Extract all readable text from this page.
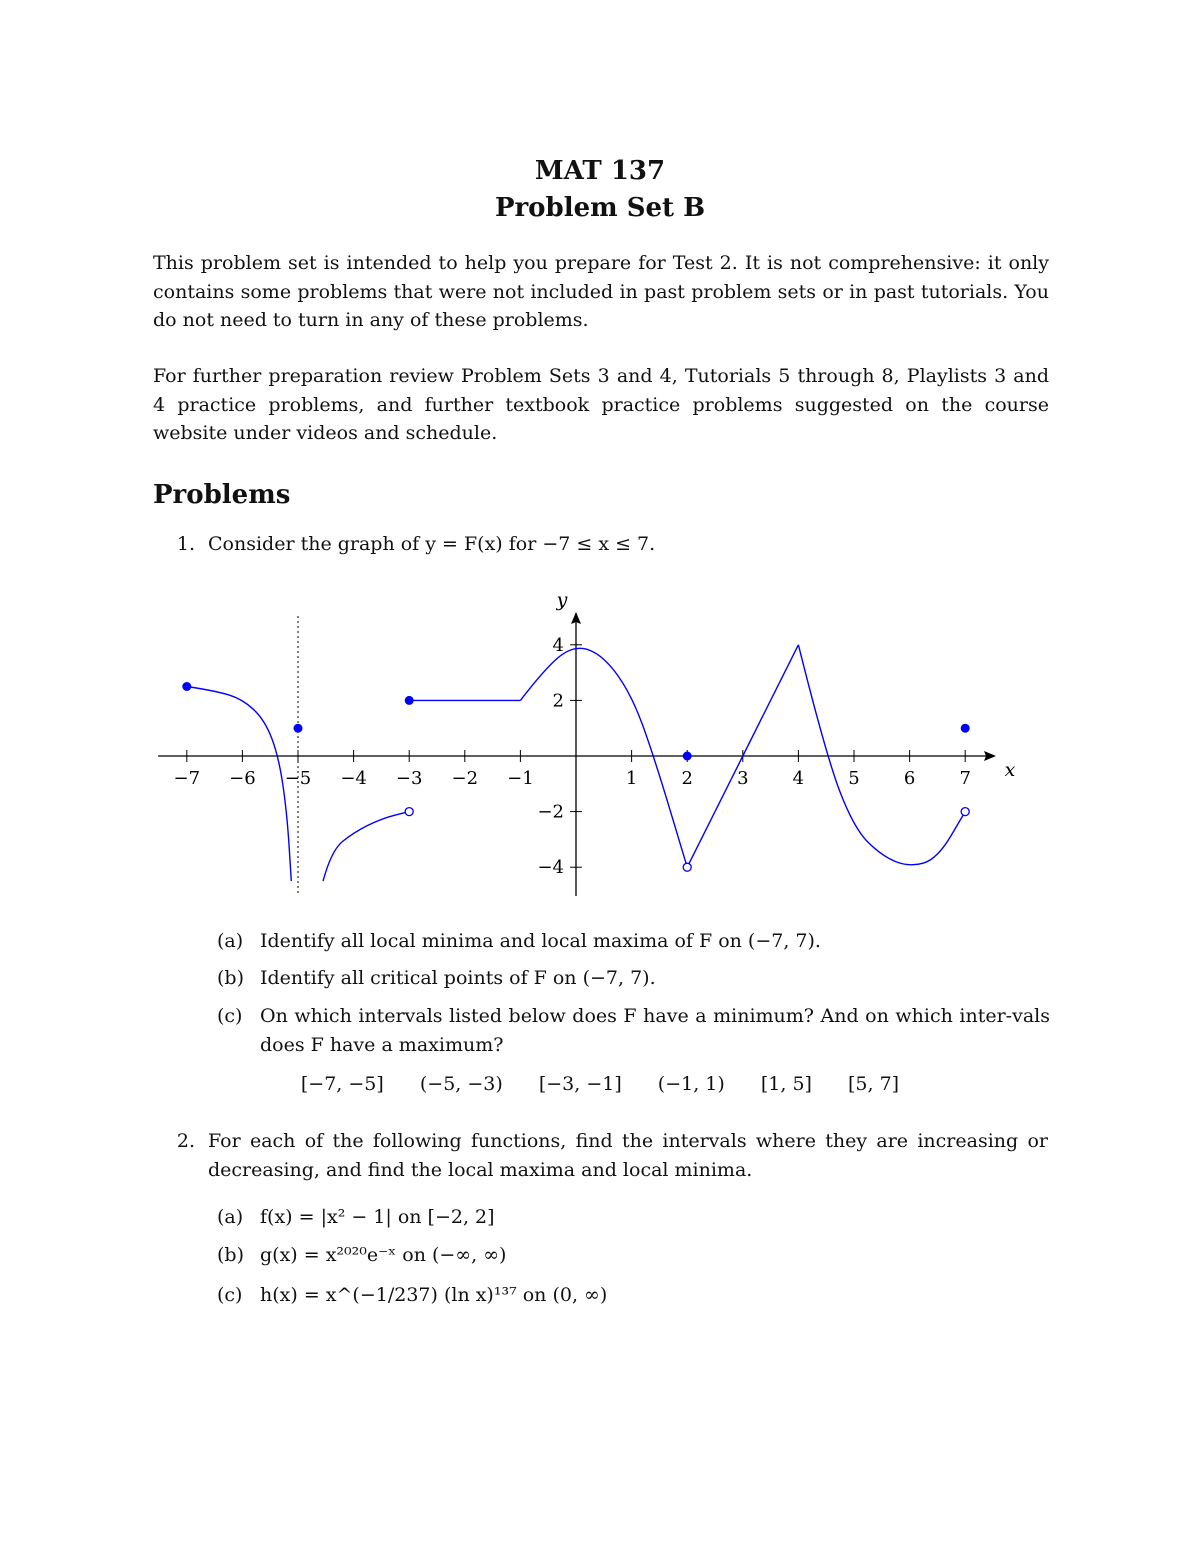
MAT 137
Problem Set B
This problem set is intended to help you prepare for Test 2. It is not comprehensive: it only contains some problems that were not included in past problem sets or in past tutorials. You do not need to turn in any of these problems.
For further preparation review Problem Sets 3 and 4, Tutorials 5 through 8, Playlists 3 and 4 practice problems, and further textbook practice problems suggested on the course website under videos and schedule.
Problems
1. Consider the graph of y = F(x) for −7 ≤ x ≤ 7.
−7 −6 −5 −4 −3 −2 −1	1 2 3 4 5 6 7
4
2
−2
−4
x
y
(a) Identify all local minima and local maxima of F on (−7, 7).
(b) Identify all critical points of F on (−7, 7).
(c) On which intervals listed below does F have a minimum? And on which inter-vals does F have a maximum?
[−7, −5] (−5, −3) [−3, −1] (−1, 1) [1, 5] [5, 7]
2. For each of the following functions, find the intervals where they are increasing or decreasing, and find the local maxima and local minima.
(a) f(x) = |x² − 1| on [−2, 2]
(b) g(x) = x²⁰²⁰e⁻ˣ on (−∞, ∞)
(c) h(x) = x^(−1/237) (ln x)¹³⁷ on (0, ∞)
